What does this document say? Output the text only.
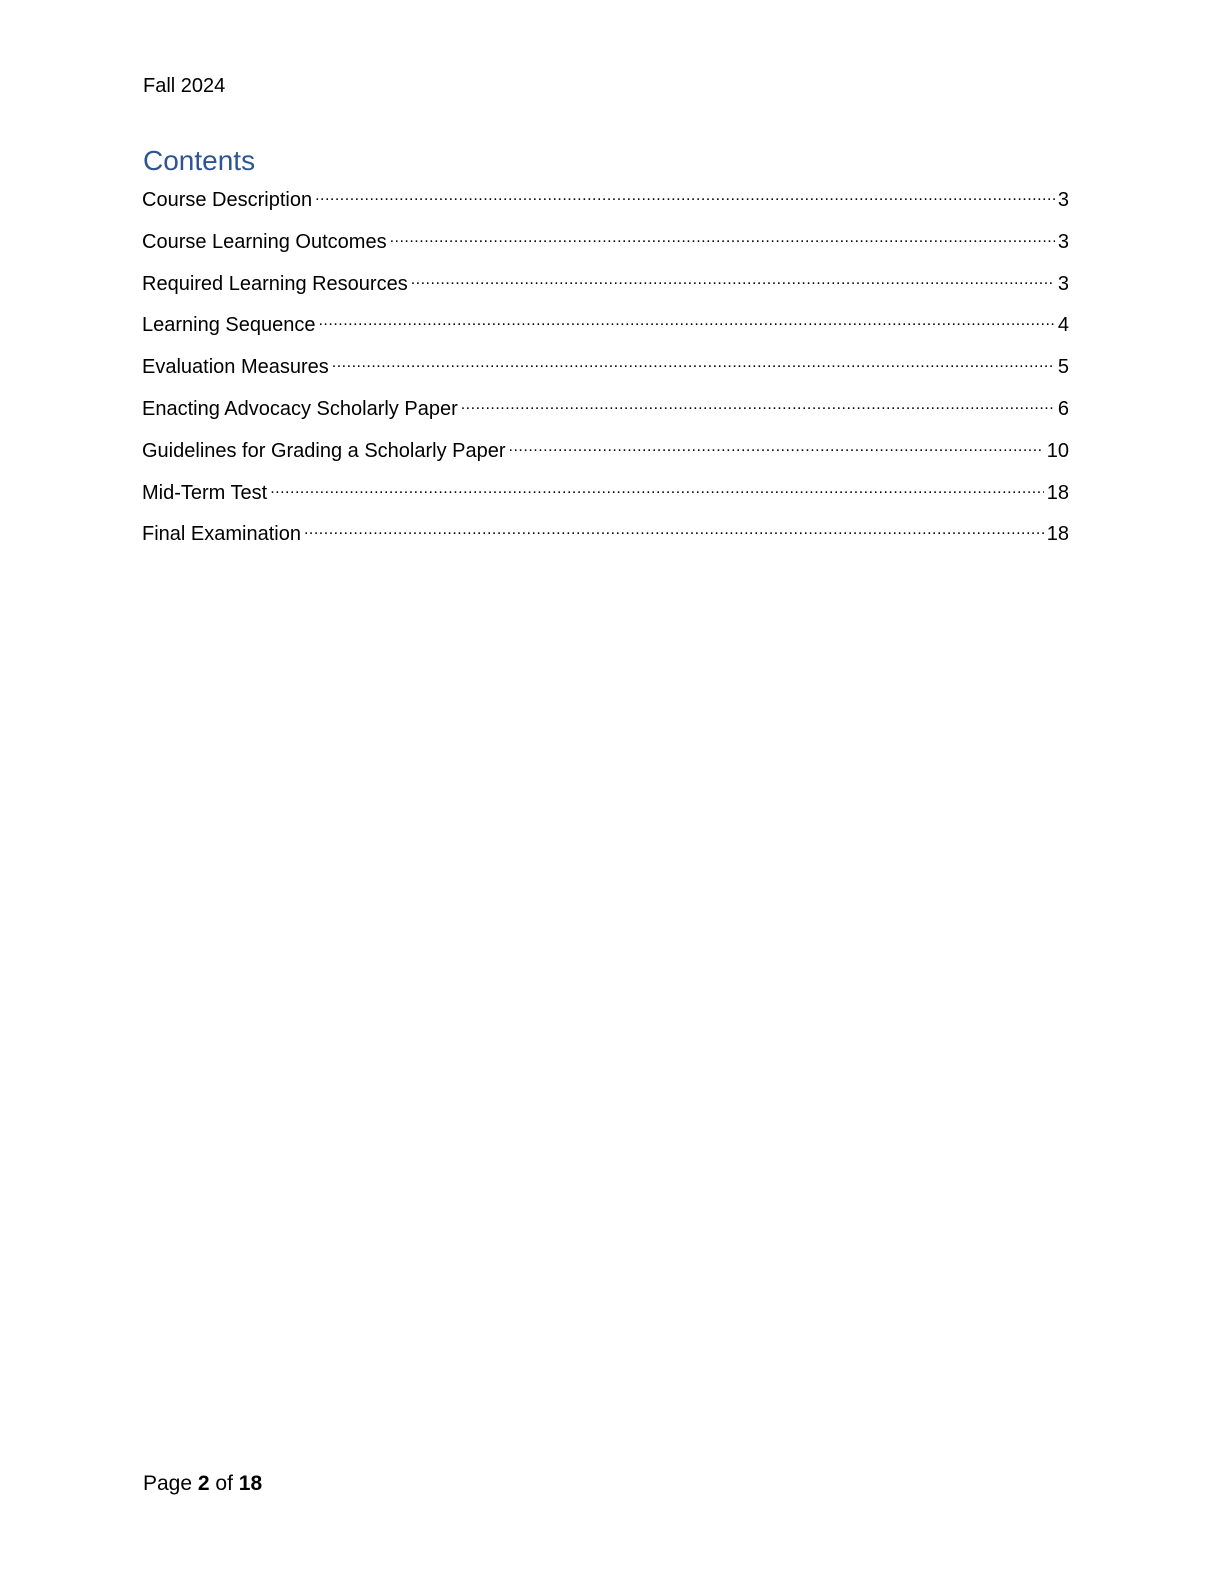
Fall 2024
Contents
Course Description .....	3
Course Learning Outcomes .....	3
Required Learning Resources .....	3
Learning Sequence .....	4
Evaluation Measures .....	5
Enacting Advocacy Scholarly Paper .....	6
Guidelines for Grading a Scholarly Paper .....	10
Mid-Term Test .....	18
Final Examination .....	18
Page 2 of 18
